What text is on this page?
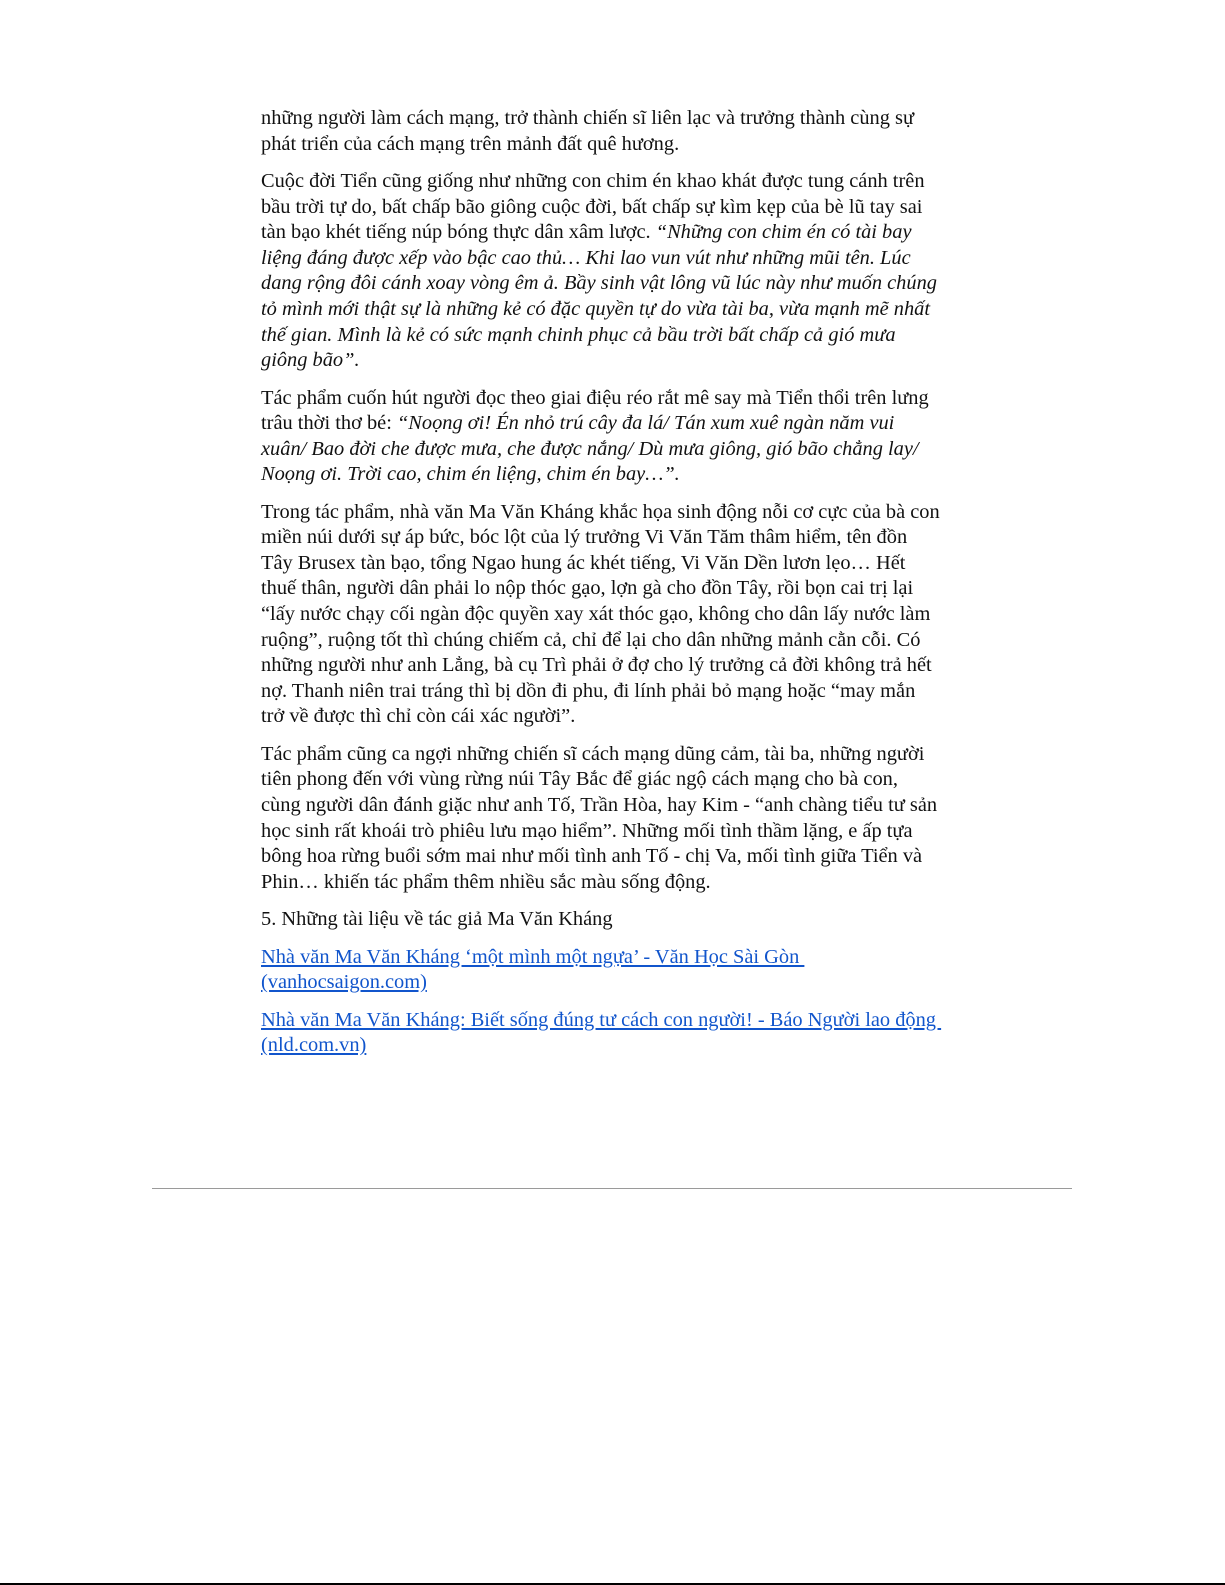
những người làm cách mạng, trở thành chiến sĩ liên lạc và trưởng thành cùng sự
phát triển của cách mạng trên mảnh đất quê hương.

Cuộc đời Tiển cũng giống như những con chim én khao khát được tung cánh trên
bầu trời tự do, bất chấp bão giông cuộc đời, bất chấp sự kìm kẹp của bè lũ tay sai
tàn bạo khét tiếng núp bóng thực dân xâm lược. “Những con chim én có tài bay
liệng đáng được xếp vào bậc cao thủ… Khi lao vun vút như những mũi tên. Lúc
dang rộng đôi cánh xoay vòng êm ả. Bầy sinh vật lông vũ lúc này như muốn chúng
tỏ mình mới thật sự là những kẻ có đặc quyền tự do vừa tài ba, vừa mạnh mẽ nhất
thế gian. Mình là kẻ có sức mạnh chinh phục cả bầu trời bất chấp cả gió mưa
giông bão”.

Tác phẩm cuốn hút người đọc theo giai điệu réo rắt mê say mà Tiển thổi trên lưng
trâu thời thơ bé: “Noọng ơi! Én nhỏ trú cây đa lá/ Tán xum xuê ngàn năm vui
xuân/ Bao đời che được mưa, che được nắng/ Dù mưa giông, gió bão chẳng lay/
Noọng ơi. Trời cao, chim én liệng, chim én bay…”.

Trong tác phẩm, nhà văn Ma Văn Kháng khắc họa sinh động nỗi cơ cực của bà con
miền núi dưới sự áp bức, bóc lột của lý trưởng Vi Văn Tăm thâm hiểm, tên đồn
Tây Brusex tàn bạo, tổng Ngao hung ác khét tiếng, Vi Văn Dền lươn lẹo… Hết
thuế thân, người dân phải lo nộp thóc gạo, lợn gà cho đồn Tây, rồi bọn cai trị lại
“lấy nước chạy cối ngàn độc quyền xay xát thóc gạo, không cho dân lấy nước làm
ruộng”, ruộng tốt thì chúng chiếm cả, chỉ để lại cho dân những mảnh cằn cỗi. Có
những người như anh Lẳng, bà cụ Trì phải ở đợ cho lý trưởng cả đời không trả hết
nợ. Thanh niên trai tráng thì bị dồn đi phu, đi lính phải bỏ mạng hoặc “may mắn
trở về được thì chỉ còn cái xác người”.

Tác phẩm cũng ca ngợi những chiến sĩ cách mạng dũng cảm, tài ba, những người
tiên phong đến với vùng rừng núi Tây Bắc để giác ngộ cách mạng cho bà con,
cùng người dân đánh giặc như anh Tố, Trần Hòa, hay Kim - “anh chàng tiểu tư sản
học sinh rất khoái trò phiêu lưu mạo hiểm”. Những mối tình thầm lặng, e ấp tựa
bông hoa rừng buổi sớm mai như mối tình anh Tố - chị Va, mối tình giữa Tiển và
Phin… khiến tác phẩm thêm nhiều sắc màu sống động.

5. Những tài liệu về tác giả Ma Văn Kháng

Nhà văn Ma Văn Kháng ‘một mình một ngựa’ - Văn Học Sài Gòn
(vanhocsaigon.com)

Nhà văn Ma Văn Kháng: Biết sống đúng tư cách con người! - Báo Người lao động
(nld.com.vn)
